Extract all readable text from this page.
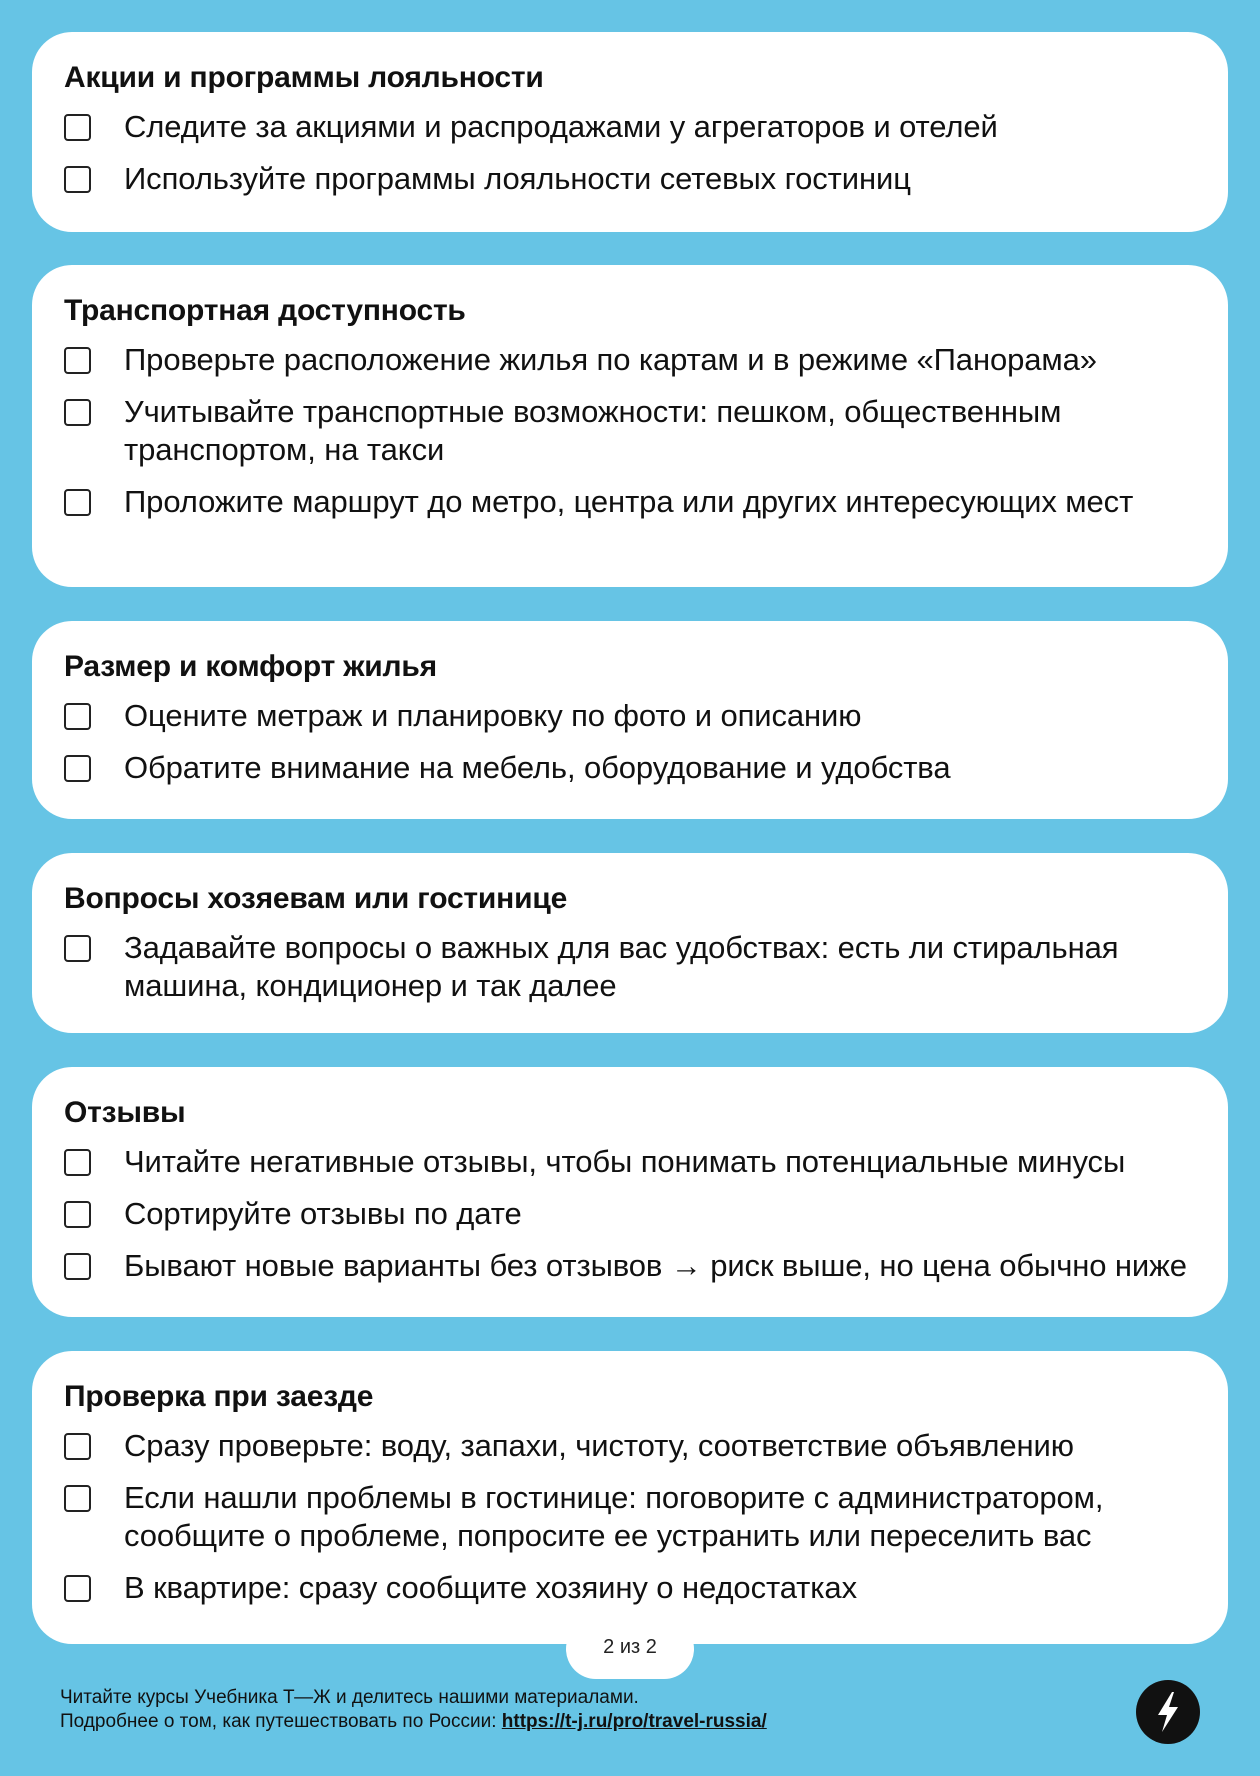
Акции и программы лояльности
Следите за акциями и распродажами у агрегаторов и отелей
Используйте программы лояльности сетевых гостиниц
Транспортная доступность
Проверьте расположение жилья по картам и в режиме «Панорама»
Учитывайте транспортные возможности: пешком, общественным транспортом, на такси
Проложите маршрут до метро, центра или других интересующих мест
Размер и комфорт жилья
Оцените метраж и планировку по фото и описанию
Обратите внимание на мебель, оборудование и удобства
Вопросы хозяевам или гостинице
Задавайте вопросы о важных для вас удобствах: есть ли стиральная машина, кондиционер и так далее
Отзывы
Читайте негативные отзывы, чтобы понимать потенциальные минусы
Сортируйте отзывы по дате
Бывают новые варианты без отзывов → риск выше, но цена обычно ниже
Проверка при заезде
Сразу проверьте: воду, запахи, чистоту, соответствие объявлению
Если нашли проблемы в гостинице: поговорите с администратором, сообщите о проблеме, попросите ее устранить или переселить вас
В квартире: сразу сообщите хозяину о недостатках
2 из 2
Читайте курсы Учебника Т—Ж и делитесь нашими материалами.
Подробнее о том, как путешествовать по России: https://t-j.ru/pro/travel-russia/
